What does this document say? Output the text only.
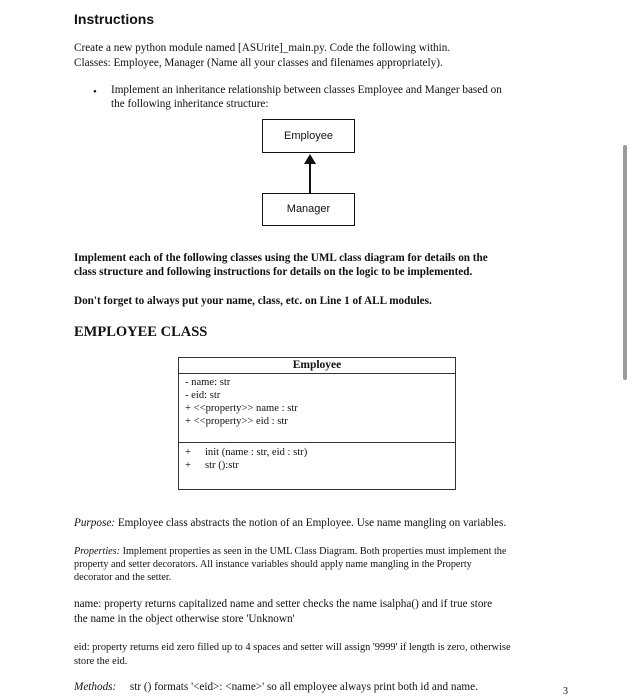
Instructions
Create a new python module named [ASUrite]_main.py. Code the following within.
Classes: Employee, Manager (Name all your classes and filenames appropriately).
• Implement an inheritance relationship between classes Employee and Manger based on
the following inheritance structure:
Employee
Manager
Implement each of the following classes using the UML class diagram for details on the
class structure and following instructions for details on the logic to be implemented.
Don't forget to always put your name, class, etc. on Line 1 of ALL modules.
EMPLOYEE CLASS
Employee
- name: str
- eid: str
+ <<property>> name : str
+ <<property>> eid : str
+ init (name : str, eid : str)
+ str ():str
Purpose: Employee class abstracts the notion of an Employee. Use name mangling on variables.
Properties: Implement properties as seen in the UML Class Diagram. Both properties must implement the
property and setter decorators. All instance variables should apply name mangling in the Property
decorator and the setter.
name: property returns capitalized name and setter checks the name isalpha() and if true store
the name in the object otherwise store 'Unknown'
eid: property returns eid zero filled up to 4 spaces and setter will assign '9999' if length is zero, otherwise
store the eid.
Methods: str () formats '<eid>: <name>' so all employee always print both id and name.	3
